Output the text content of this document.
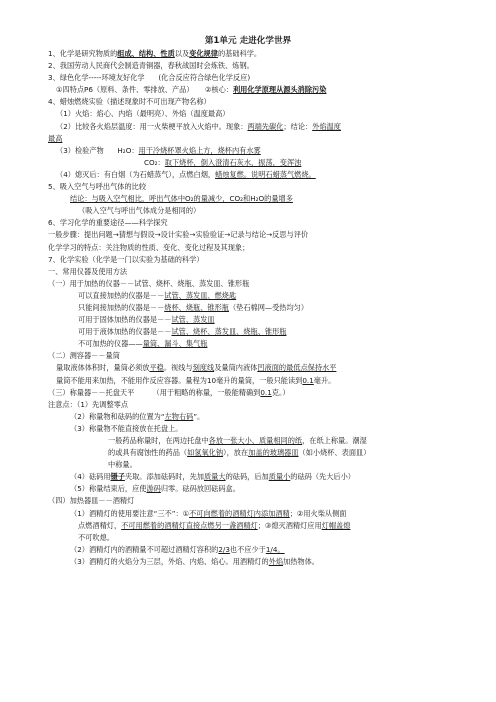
第1单元 走进化学世界
1、化学是研究物质的组成、结构、性质以及变化规律的基础科学。
2、我国劳动人民商代会制造青铜器，春秋战国时会炼铁、炼钢。
3、绿色化学-----环境友好化学      (化合反应符合绿色化学反应)
①四特点P6（原料、条件、零排放、产品）     ②核心：利用化学原理从源头消除污染
4、蜡烛燃烧实验（描述现象时不可出现产物名称）
（1）火焰：焰心、内焰（最明亮）、外焰（温度最高）
（2）比较各火焰层温度：用一火柴梗平放入火焰中。现象：两端先碳化；结论：外焰温度
最高
（3）检验产物      H₂O：用干冷烧杯罩火焰上方，烧杯内有水雾
CO₂：取下烧杯，倒入澄清石灰水，振荡，变浑浊
（4）熄灭后：有白烟（为石蜡蒸气），点燃白烟，蜡烛复燃。说明石蜡蒸气燃烧。
5、吸入空气与呼出气体的比较
结论：与吸入空气相比，呼出气体中O₂的量减少，CO₂和H₂O的量增多
（吸入空气与呼出气体成分是相同的）
6、学习化学的重要途径——科学探究
一般步骤：提出问题→猜想与假设→设计实验→实验验证→记录与结论→反思与评价
化学学习的特点：关注物质的性质、变化、变化过程及其现象；
7、化学实验（化学是一门以实验为基础的科学）
一、常用仪器及使用方法
（一）用于加热的仪器－－试管、烧杯、烧瓶、蒸发皿、锥形瓶
可以直接加热的仪器是－－试管、蒸发皿、燃烧匙
只能间接加热的仪器是－－烧杯、烧瓶、锥形瓶（垫石棉网—受热均匀）
可用于固体加热的仪器是－－试管、蒸发皿
可用于液体加热的仪器是－－试管、烧杯、蒸发皿、烧瓶、锥形瓶
不可加热的仪器——量筒、漏斗、集气瓶
（二）测容器－－量筒
量取液体体积时，量筒必须放平稳。视线与刻度线及量筒内液体凹液面的最低点保持水平
量筒不能用来加热，不能用作反应容器。量程为10毫升的量筒，一般只能读到0.1毫升。
（三）称量器－－托盘天平        （用于粗略的称量，一般能精确到0.1克。）
注意点：（1）先调整零点
（2）称量物和砝码的位置为“左物右码”。
（3）称量物不能直接放在托盘上。
一般药品称量时，在两边托盘中各放一张大小、质量相同的纸，在纸上称量。潮湿
的或具有腐蚀性的药品（如氢氧化钠），放在加盖的玻璃器皿（如小烧杯、表面皿）
中称量。
（4）砝码用镊子夹取。添加砝码时，先加质量大的砝码，后加质量小的砝码（先大后小）
（5）称量结束后，应使游码归零。砝码放回砝码盒。
（四）加热器皿－－酒精灯
（1）酒精灯的使用要注意“三不”：①不可向燃着的酒精灯内添加酒精；②用火柴从侧面
点燃酒精灯，不可用燃着的酒精灯直接点燃另一盏酒精灯；③熄灭酒精灯应用灯帽盖熄
不可吹熄。
（2）酒精灯内的酒精量不可超过酒精灯容积的2/3也不应少于1/4。
（3）酒精灯的火焰分为三层，外焰、内焰、焰心。用酒精灯的外焰加热物体。
